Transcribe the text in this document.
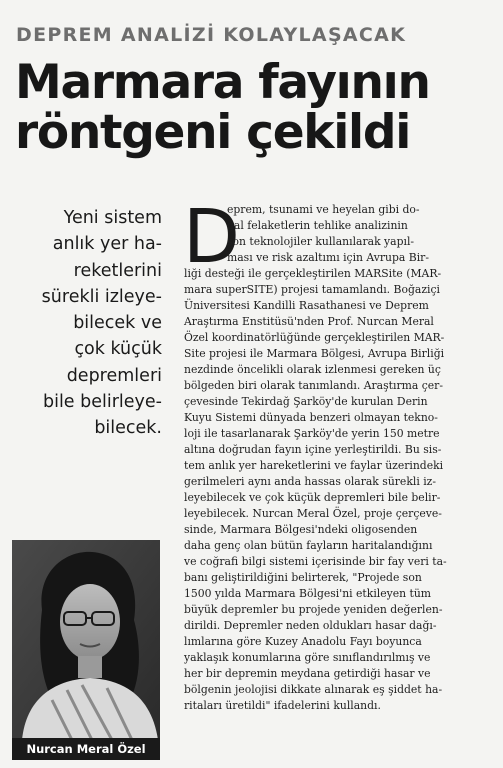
DEPREM ANALİZİ KOLAYLAŞACAK
Marmara fayının
röntgeni çekildi
Yeni sistem
anlık yer ha-
reketlerini
sürekli izleye-
bilecek ve
çok küçük
depremleri
bile belirleye-
bilecek.
Nurcan Meral Özel
D
eprem, tsunami ve heyelan gibi do-
ğal felaketlerin tehlike analizinin
son teknolojiler kullanılarak yapıl-
ması ve risk azaltımı için Avrupa Bir-
liği desteği ile gerçekleştirilen MARSite (MAR-
mara superSITE) projesi tamamlandı. Boğaziçi
Üniversitesi Kandilli Rasathanesi ve Deprem
Araştırma Enstitüsü'nden Prof. Nurcan Meral
Özel koordinatörlüğünde gerçekleştirilen MAR-
Site projesi ile Marmara Bölgesi, Avrupa Birliği
nezdinde öncelikli olarak izlenmesi gereken üç
bölgeden biri olarak tanımlandı. Araştırma çer-
çevesinde Tekirdağ Şarköy'de kurulan Derin
Kuyu Sistemi dünyada benzeri olmayan tekno-
loji ile tasarlanarak Şarköy'de yerin 150 metre
altına doğrudan fayın içine yerleştirildi. Bu sis-
tem anlık yer hareketlerini ve faylar üzerindeki
gerilmeleri aynı anda hassas olarak sürekli iz-
leyebilecek ve çok küçük depremleri bile belir-
leyebilecek. Nurcan Meral Özel, proje çerçeve-
sinde, Marmara Bölgesi'ndeki oligosenden
daha genç olan bütün fayların haritalandığını
ve coğrafi bilgi sistemi içerisinde bir fay veri ta-
banı geliştirildiğini belirterek, "Projede son
1500 yılda Marmara Bölgesi'ni etkileyen tüm
büyük depremler bu projede yeniden değerlen-
dirildi. Depremler neden oldukları hasar dağı-
lımlarına göre Kuzey Anadolu Fayı boyunca
yaklaşık konumlarına göre sınıflandırılmış ve
her bir depremin meydana getirdiği hasar ve
bölgenin jeolojisi dikkate alınarak eş şiddet ha-
ritaları üretildi" ifadelerini kullandı.
